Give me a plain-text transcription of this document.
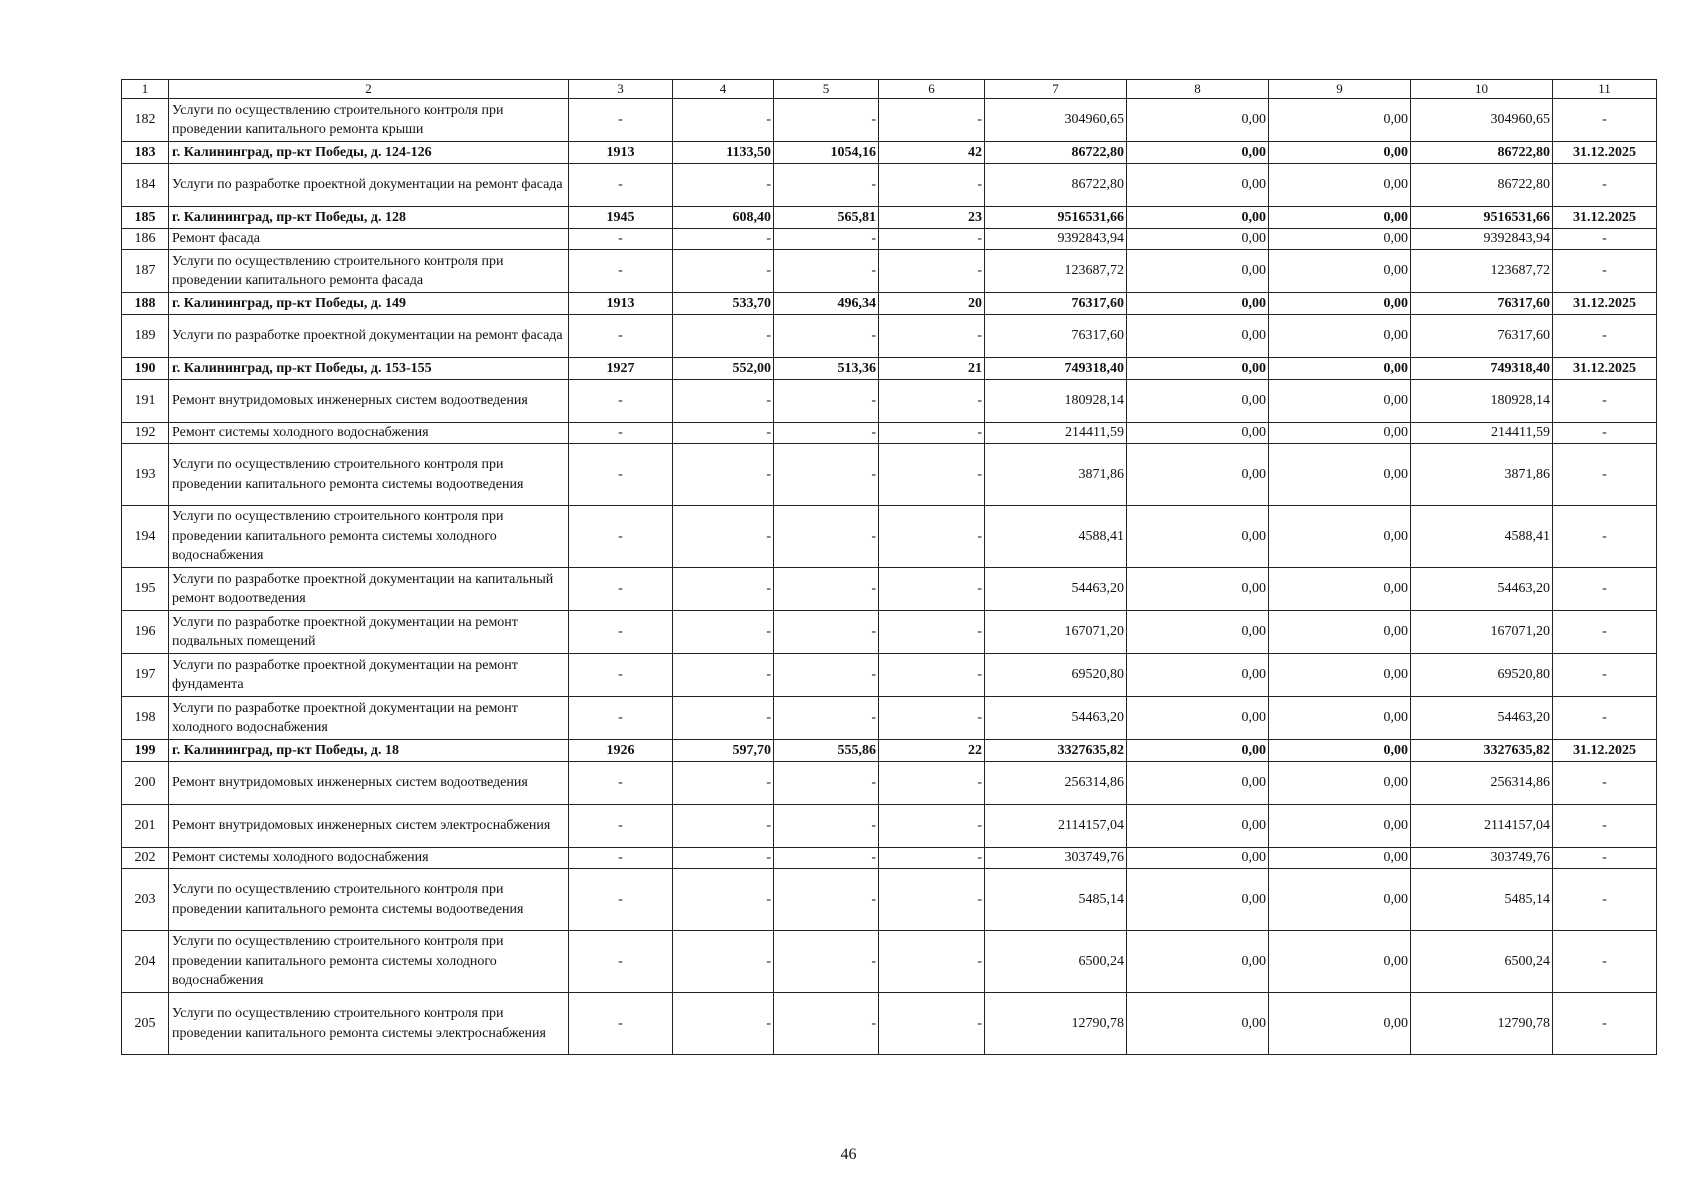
1	2	3	4	5	6	7	8	9	10	11
182	Услуги по осуществлению строительного контроля при проведении капитального ремонта крыши	-	-	-	-	304960,65	0,00	0,00	304960,65	-
183	г. Калининград, пр-кт Победы, д. 124-126	1913	1133,50	1054,16	42	86722,80	0,00	0,00	86722,80	31.12.2025
184	Услуги по разработке проектной документации на ремонт фасада	-	-	-	-	86722,80	0,00	0,00	86722,80	-
185	г. Калининград, пр-кт Победы, д. 128	1945	608,40	565,81	23	9516531,66	0,00	0,00	9516531,66	31.12.2025
186	Ремонт фасада	-	-	-	-	9392843,94	0,00	0,00	9392843,94	-
187	Услуги по осуществлению строительного контроля при проведении капитального ремонта фасада	-	-	-	-	123687,72	0,00	0,00	123687,72	-
188	г. Калининград, пр-кт Победы, д. 149	1913	533,70	496,34	20	76317,60	0,00	0,00	76317,60	31.12.2025
189	Услуги по разработке проектной документации на ремонт фасада	-	-	-	-	76317,60	0,00	0,00	76317,60	-
190	г. Калининград, пр-кт Победы, д. 153-155	1927	552,00	513,36	21	749318,40	0,00	0,00	749318,40	31.12.2025
191	Ремонт внутридомовых инженерных систем водоотведения	-	-	-	-	180928,14	0,00	0,00	180928,14	-
192	Ремонт системы холодного водоснабжения	-	-	-	-	214411,59	0,00	0,00	214411,59	-
193	Услуги по осуществлению строительного контроля при проведении капитального ремонта системы водоотведения	-	-	-	-	3871,86	0,00	0,00	3871,86	-
194	Услуги по осуществлению строительного контроля при проведении капитального ремонта системы холодного водоснабжения	-	-	-	-	4588,41	0,00	0,00	4588,41	-
195	Услуги по разработке проектной документации на капитальный ремонт водоотведения	-	-	-	-	54463,20	0,00	0,00	54463,20	-
196	Услуги по разработке проектной документации на ремонт подвальных помещений	-	-	-	-	167071,20	0,00	0,00	167071,20	-
197	Услуги по разработке проектной документации на ремонт фундамента	-	-	-	-	69520,80	0,00	0,00	69520,80	-
198	Услуги по разработке проектной документации на ремонт холодного водоснабжения	-	-	-	-	54463,20	0,00	0,00	54463,20	-
199	г. Калининград, пр-кт Победы, д. 18	1926	597,70	555,86	22	3327635,82	0,00	0,00	3327635,82	31.12.2025
200	Ремонт внутридомовых инженерных систем водоотведения	-	-	-	-	256314,86	0,00	0,00	256314,86	-
201	Ремонт внутридомовых инженерных систем электроснабжения	-	-	-	-	2114157,04	0,00	0,00	2114157,04	-
202	Ремонт системы холодного водоснабжения	-	-	-	-	303749,76	0,00	0,00	303749,76	-
203	Услуги по осуществлению строительного контроля при проведении капитального ремонта системы водоотведения	-	-	-	-	5485,14	0,00	0,00	5485,14	-
204	Услуги по осуществлению строительного контроля при проведении капитального ремонта системы холодного водоснабжения	-	-	-	-	6500,24	0,00	0,00	6500,24	-
205	Услуги по осуществлению строительного контроля при проведении капитального ремонта системы электроснабжения	-	-	-	-	12790,78	0,00	0,00	12790,78	-
46
